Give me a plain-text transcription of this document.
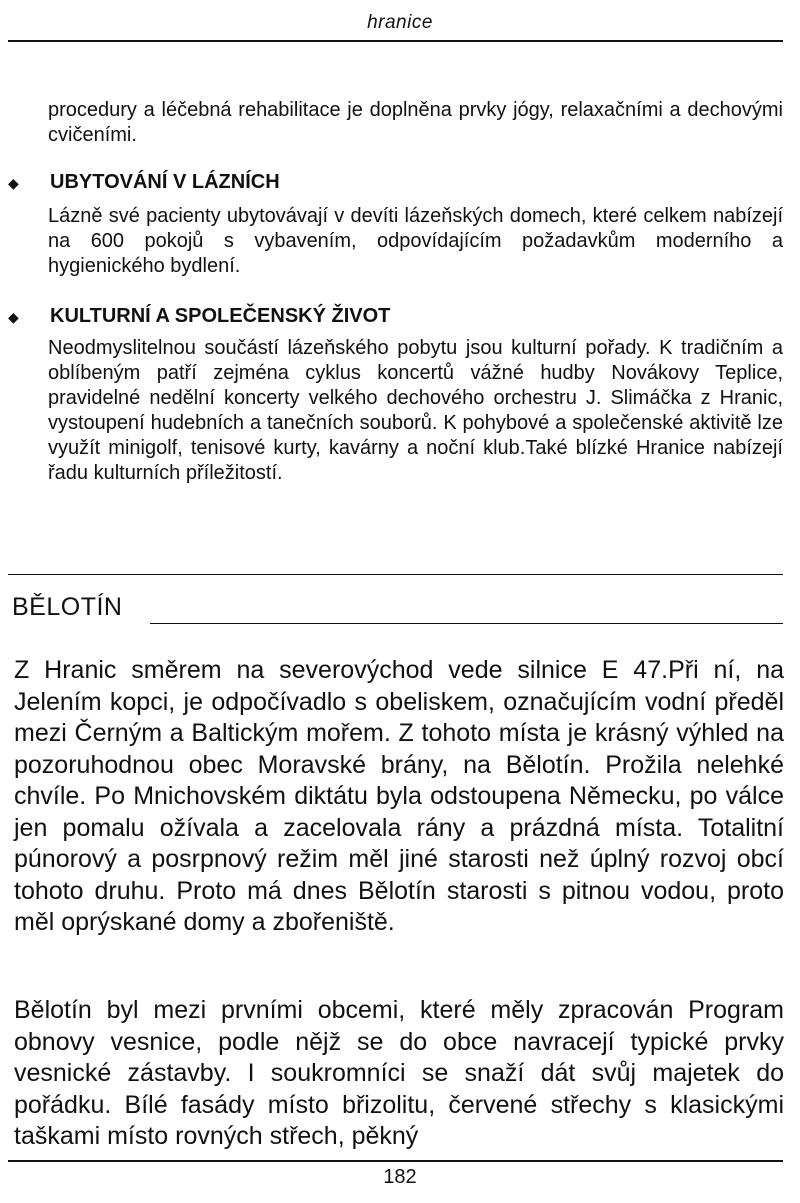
hranice
procedury a léčebná rehabilitace je doplněna prvky jógy, relaxačními a dechovými cvičeními.
◆ UBYTOVÁNÍ V LÁZNÍCH
Lázně své pacienty ubytovávají v devíti lázeňských domech, které celkem nabízejí na 600 pokojů s vybavením, odpovídajícím požadavkům moderního a hygienického bydlení.
◆ KULTURNÍ A SPOLEČENSKÝ ŽIVOT
Neodmyslitelnou součástí lázeňského pobytu jsou kulturní pořady. K tradičním a oblíbeným patří zejména cyklus koncertů vážné hudby Novákovy Teplice, pravidelné nedělní koncerty velkého dechového orchestru J. Slimáčka z Hranic, vystoupení hudebních a tanečních souborů. K pohybové a společenské aktivitě lze využít minigolf, tenisové kurty, kavárny a noční klub.Také blízké Hranice nabízejí řadu kulturních příležitostí.
BĚLOTÍN
Z Hranic směrem na severovýchod vede silnice E 47.Při ní, na Jelením kopci, je odpočívadlo s obeliskem, označujícím vodní předěl mezi Černým a Baltickým mořem. Z tohoto místa je krásný výhled na pozoruhodnou obec Moravské brány, na Bělotín. Prožila nelehké chvíle. Po Mnichovském diktátu byla odstoupena Německu, po válce jen pomalu ožívala a zacelovala rány a prázdná místa. Totalitní púnorový a posrpnový režim měl jiné starosti než úplný rozvoj obcí tohoto druhu. Proto má dnes Bělotín starosti s pitnou vodou, proto měl oprýskané domy a zbořeniště.
Bělotín byl mezi prvními obcemi, které měly zpracován Program obnovy vesnice, podle nějž se do obce navracejí typické prvky vesnické zástavby. I soukromníci se snaží dát svůj majetek do pořádku. Bílé fasády místo břizolitu, červené střechy s klasickými taškami místo rovných střech, pěkný
182
